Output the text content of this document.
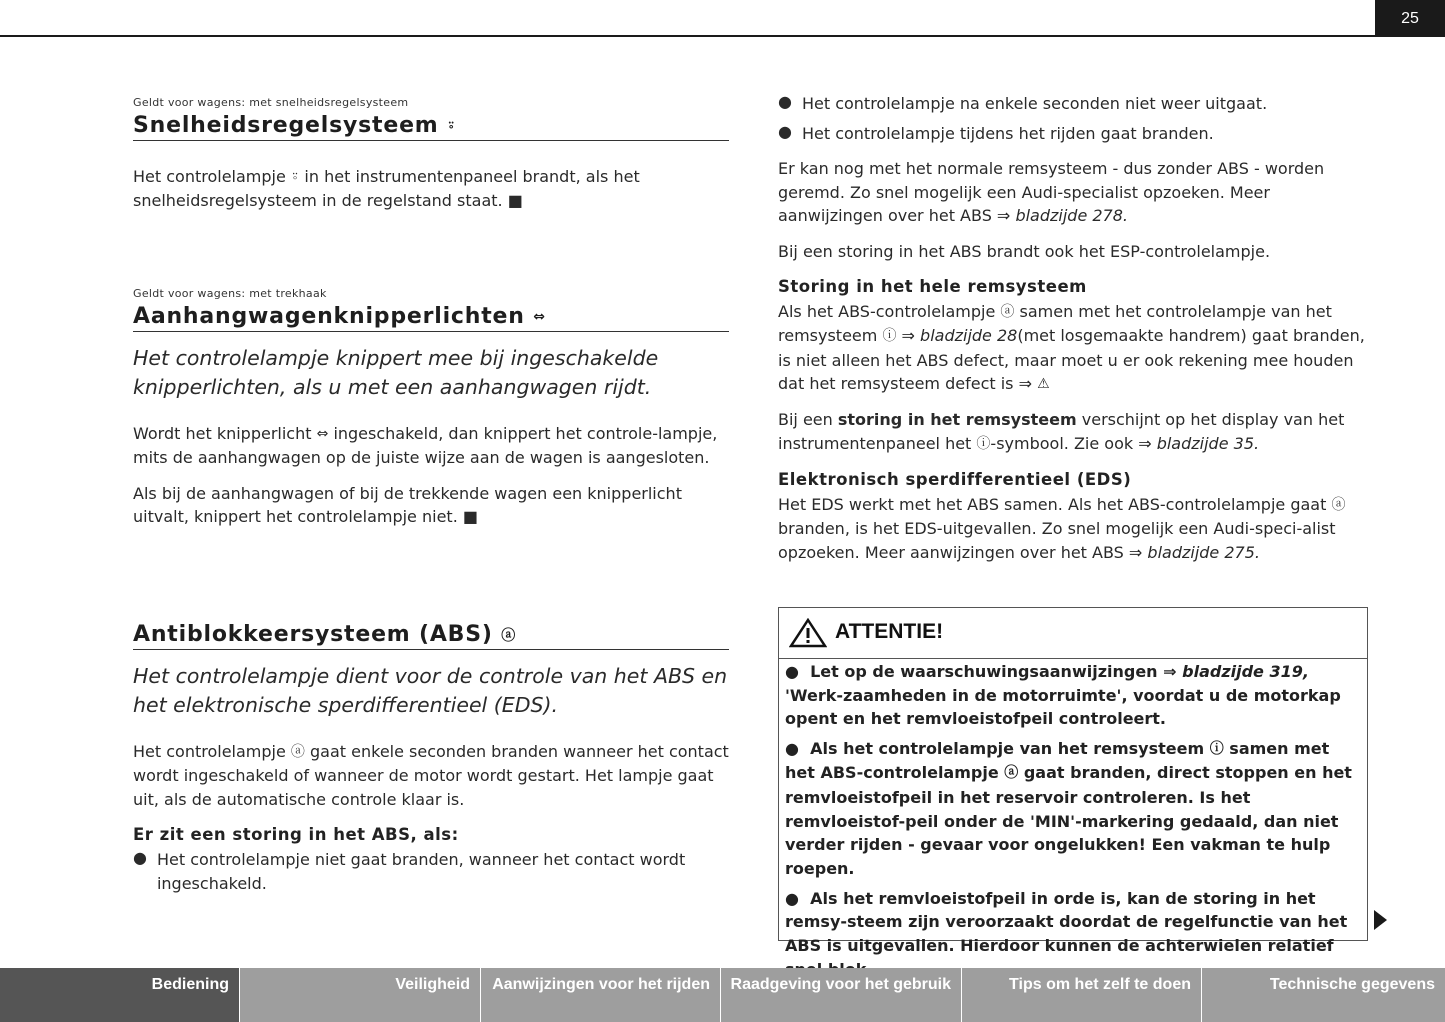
25
Geldt voor wagens: met snelheidsregelsysteem
Snelheidsregelsysteem ⍤

Het controlelampje ⍤ in het instrumentenpaneel brandt, als het snelheidsregelsysteem in de regelstand staat. ■

Geldt voor wagens: met trekhaak
Aanhangwagenknipperlichten ⇔

Het controlelampje knippert mee bij ingeschakelde knipperlichten, als u met een aanhangwagen rijdt.

Wordt het knipperlicht ⇔ ingeschakeld, dan knippert het controle-lampje, mits de aanhangwagen op de juiste wijze aan de wagen is aangesloten.

Als bij de aanhangwagen of bij de trekkende wagen een knipperlicht uitvalt, knippert het controlelampje niet. ■

Antiblokkeersysteem (ABS) ⓐ

Het controlelampje dient voor de controle van het ABS en het elektronische sperdifferentieel (EDS).

Het controlelampje ⓐ gaat enkele seconden branden wanneer het contact wordt ingeschakeld of wanneer de motor wordt gestart. Het lampje gaat uit, als de automatische controle klaar is.

Er zit een storing in het ABS, als:
● Het controlelampje niet gaat branden, wanneer het contact wordt ingeschakeld.

● Het controlelampje na enkele seconden niet weer uitgaat.

● Het controlelampje tijdens het rijden gaat branden.

Er kan nog met het normale remsysteem - dus zonder ABS - worden geremd. Zo snel mogelijk een Audi-specialist opzoeken. Meer aanwijzingen over het ABS ⇒ bladzijde 278.

Bij een storing in het ABS brandt ook het ESP-controlelampje.

Storing in het hele remsysteem

Als het ABS-controlelampje ⓐ samen met het controlelampje van het remsysteem ⓘ ⇒ bladzijde 28(met losgemaakte handrem) gaat branden, is niet alleen het ABS defect, maar moet u er ook rekening mee houden dat het remsysteem defect is ⇒ ⚠

Bij een storing in het remsysteem verschijnt op het display van het instrumentenpaneel het ⓘ-symbool. Zie ook ⇒ bladzijde 35.

Elektronisch sperdifferentieel (EDS)

Het EDS werkt met het ABS samen. Als het ABS-controlelampje gaat ⓐ branden, is het EDS-uitgevallen. Zo snel mogelijk een Audi-speci-alist opzoeken. Meer aanwijzingen over het ABS ⇒ bladzijde 275.

ATTENTIE!

●  Let op de waarschuwingsaanwijzingen ⇒ bladzijde 319, 'Werk-zaamheden in de motorruimte', voordat u de motorkap opent en het remvloeistofpeil controleert.

●  Als het controlelampje van het remsysteem ⓘ samen met het ABS-controlelampje ⓐ gaat branden, direct stoppen en het remvloeistofpeil in het reservoir controleren. Is het remvloeistof-peil onder de 'MIN'-markering gedaald, dan niet verder rijden - gevaar voor ongelukken! Een vakman te hulp roepen.

●  Als het remvloeistofpeil in orde is, kan de storing in het remsy-steem zijn veroorzaakt doordat de regelfunctie van het ABS is uitgevallen. Hierdoor kunnen de achterwielen relatief

Bediening	Veiligheid	Aanwijzingen voor het rijden	Raadgeving voor het gebruik	Tips om het zelf te doen	Technische gegevens
